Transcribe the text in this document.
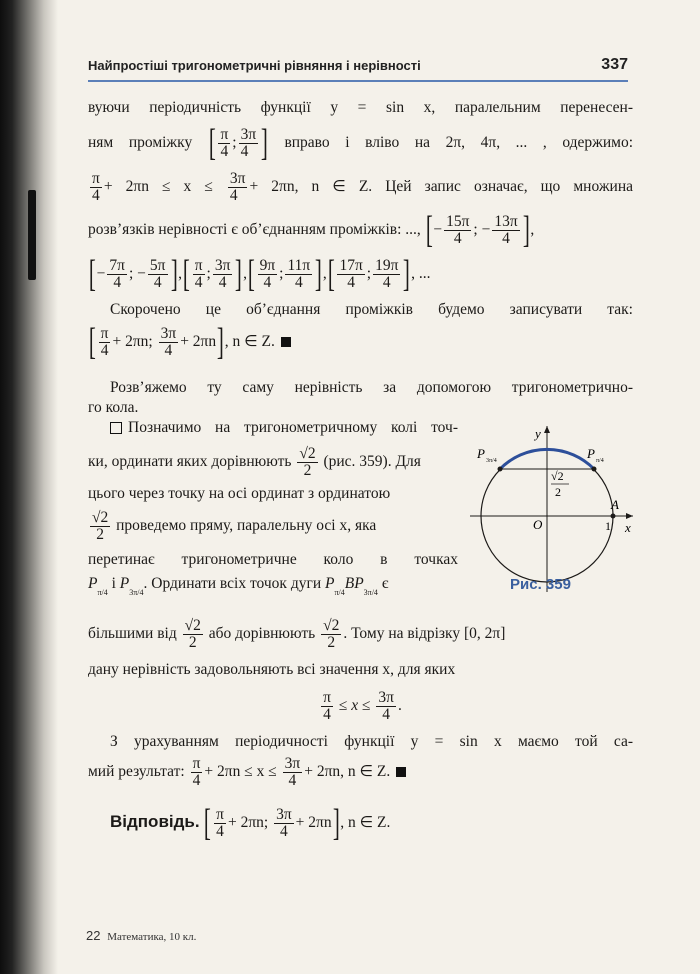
Найпростіші тригонометричні рівняння і нерівності	337
вуючи періодичність функції y = sin x, паралельним перенесен-
ням проміжку [ $\frac{\pi}{4}$ ; $\frac{3\pi}{4}$ ] вправо і вліво на 2π, 4π, ... , одержимо:
$\frac{\pi}{4} + 2\pi n \le x \le \frac{3\pi}{4} + 2\pi n$, n ∈ Z. Цей запис означає, що множина
розв’язків нерівності є об’єднанням проміжків: ..., [− $\frac{15\pi}{4}$ ; − $\frac{13\pi}{4}$ ],
[− $\frac{7\pi}{4}$ ; − $\frac{5\pi}{4}$ ],[ $\frac{\pi}{4}$ ; $\frac{3\pi}{4}$ ],[ $\frac{9\pi}{4}$ ; $\frac{11\pi}{4}$ ],[ $\frac{17\pi}{4}$ ; $\frac{19\pi}{4}$ ], ...
Скорочено це об’єднання проміжків будемо записувати так:
[ $\frac{\pi}{4} + 2\pi n$; $\frac{3\pi}{4} + 2\pi n$], n ∈ Z.
Розв’яжемо ту саму нерівність за допомогою тригонометрично-
го кола.
Позначимо на тригонометричному колі точ-
ки, ординати яких дорівнюють $\frac{√2}{2} (рис$. 359). Для
цього через точку на осі ординат з ординатою
$\frac{√2}{2}$ проведемо пряму, паралельну осі x, яка
перетинає тригонометричне коло в точках
$P_{\pi/4}$ і $P_{3\pi/4}$. Ординати всіх точок дуги $P_{\pi/4}BP_{3\pi/4}$ є
більшими від $\frac{√2}{2}$ або дорівнюють $\frac{√2}{2}$ . Тому на відрізку [0, 2π]
дану нерівність задовольняють всі значення x, для яких
$\frac{\pi}{4} \le x \le \frac{3\pi}{4}$ .
З урахуванням періодичності функції y = sin x маємо той са-
мий результат: $\frac{\pi}{4} + 2\pi n \le x \le \frac{3\pi}{4} + 2\pi n$, n ∈ Z.
Відповідь. [ $\frac{\pi}{4} + 2\pi n$; $\frac{3\pi}{4} + 2\pi n$], n ∈ Z.
y
x
O
A
1
P 3π/4	P π/4
√2
2
Рис. 359
22 Математика, 10 кл.
